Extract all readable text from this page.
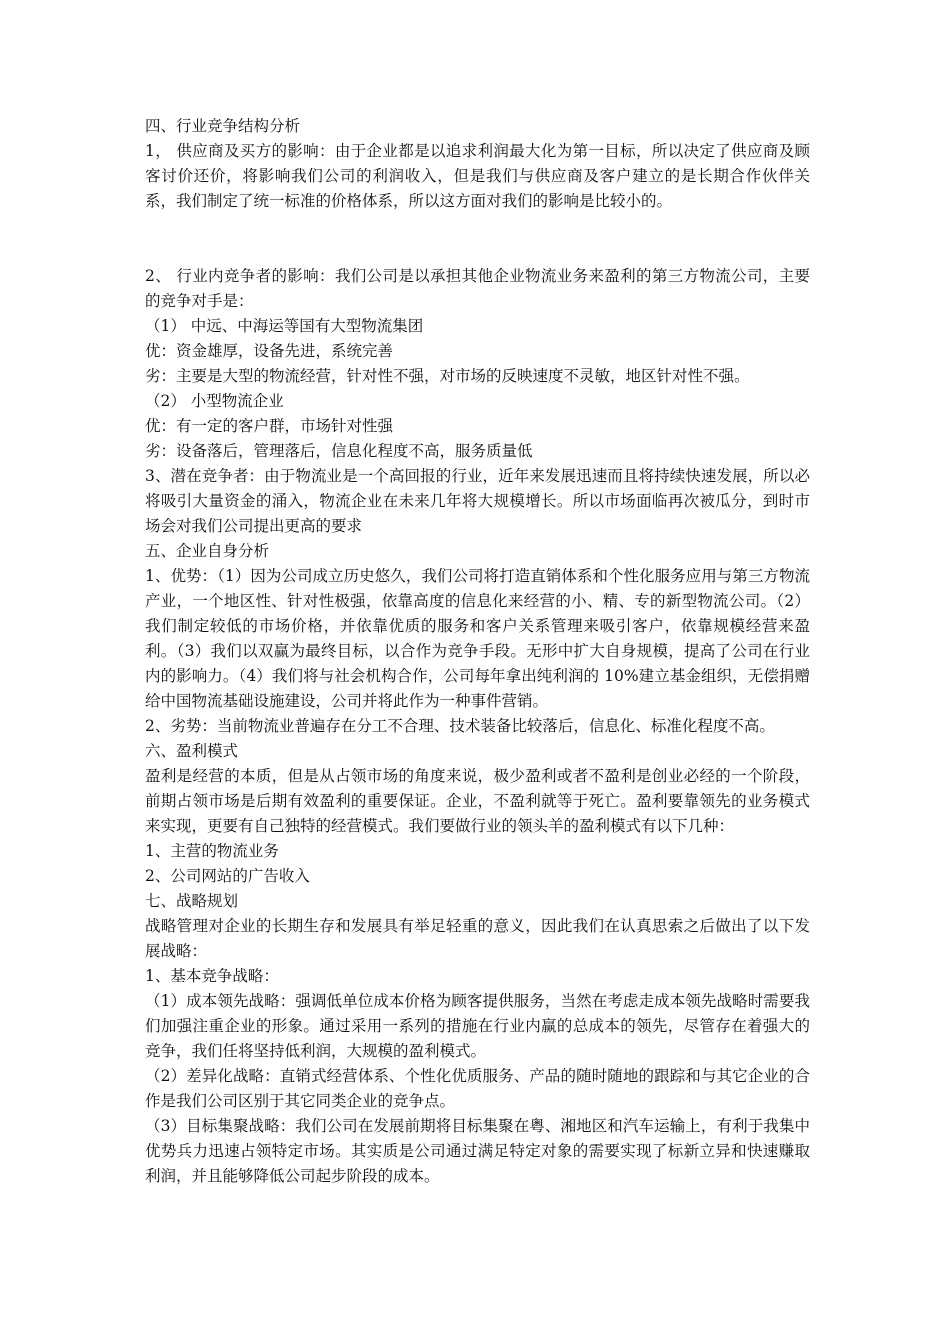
四、行业竞争结构分析

1， 供应商及买方的影响：由于企业都是以追求利润最大化为第一目标，所以决定了供应商及顾客讨价还价，将影响我们公司的利润收入，但是我们与供应商及客户建立的是长期合作伙伴关系，我们制定了统一标准的价格体系，所以这方面对我们的影响是比较小的。

2、 行业内竞争者的影响：我们公司是以承担其他企业物流业务来盈利的第三方物流公司，主要的竞争对手是：

（1） 中远、中海运等国有大型物流集团

优：资金雄厚，设备先进，系统完善

劣：主要是大型的物流经营，针对性不强，对市场的反映速度不灵敏，地区针对性不强。

（2） 小型物流企业

优：有一定的客户群，市场针对性强

劣：设备落后，管理落后，信息化程度不高，服务质量低

3、潜在竞争者：由于物流业是一个高回报的行业，近年来发展迅速而且将持续快速发展，所以必将吸引大量资金的涌入，物流企业在未来几年将大规模增长。所以市场面临再次被瓜分，到时市场会对我们公司提出更高的要求

五、企业自身分析

1、优势：（1）因为公司成立历史悠久，我们公司将打造直销体系和个性化服务应用与第三方物流产业，一个地区性、针对性极强，依靠高度的信息化来经营的小、精、专的新型物流公司。（2）我们制定较低的市场价格，并依靠优质的服务和客户关系管理来吸引客户，依靠规模经营来盈利。（3）我们以双赢为最终目标，以合作为竞争手段。无形中扩大自身规模，提高了公司在行业内的影响力。（4）我们将与社会机构合作，公司每年拿出纯利润的 10%建立基金组织，无偿捐赠给中国物流基础设施建设，公司并将此作为一种事件营销。

2、劣势：当前物流业普遍存在分工不合理、技术装备比较落后，信息化、标准化程度不高。

六、盈利模式

盈利是经营的本质，但是从占领市场的角度来说，极少盈利或者不盈利是创业必经的一个阶段，前期占领市场是后期有效盈利的重要保证。企业，不盈利就等于死亡。盈利要靠领先的业务模式来实现，更要有自己独特的经营模式。我们要做行业的领头羊的盈利模式有以下几种：

1、主营的物流业务

2、公司网站的广告收入

七、战略规划

战略管理对企业的长期生存和发展具有举足轻重的意义，因此我们在认真思索之后做出了以下发展战略：

1、基本竞争战略：

（1）成本领先战略：强调低单位成本价格为顾客提供服务，当然在考虑走成本领先战略时需要我们加强注重企业的形象。通过采用一系列的措施在行业内赢的总成本的领先，尽管存在着强大的竞争，我们任将坚持低利润，大规模的盈利模式。

（2）差异化战略：直销式经营体系、个性化优质服务、产品的随时随地的跟踪和与其它企业的合作是我们公司区别于其它同类企业的竞争点。

（3）目标集聚战略：我们公司在发展前期将目标集聚在粤、湘地区和汽车运输上，有利于我集中优势兵力迅速占领特定市场。其实质是公司通过满足特定对象的需要实现了标新立异和快速赚取利润，并且能够降低公司起步阶段的成本。
